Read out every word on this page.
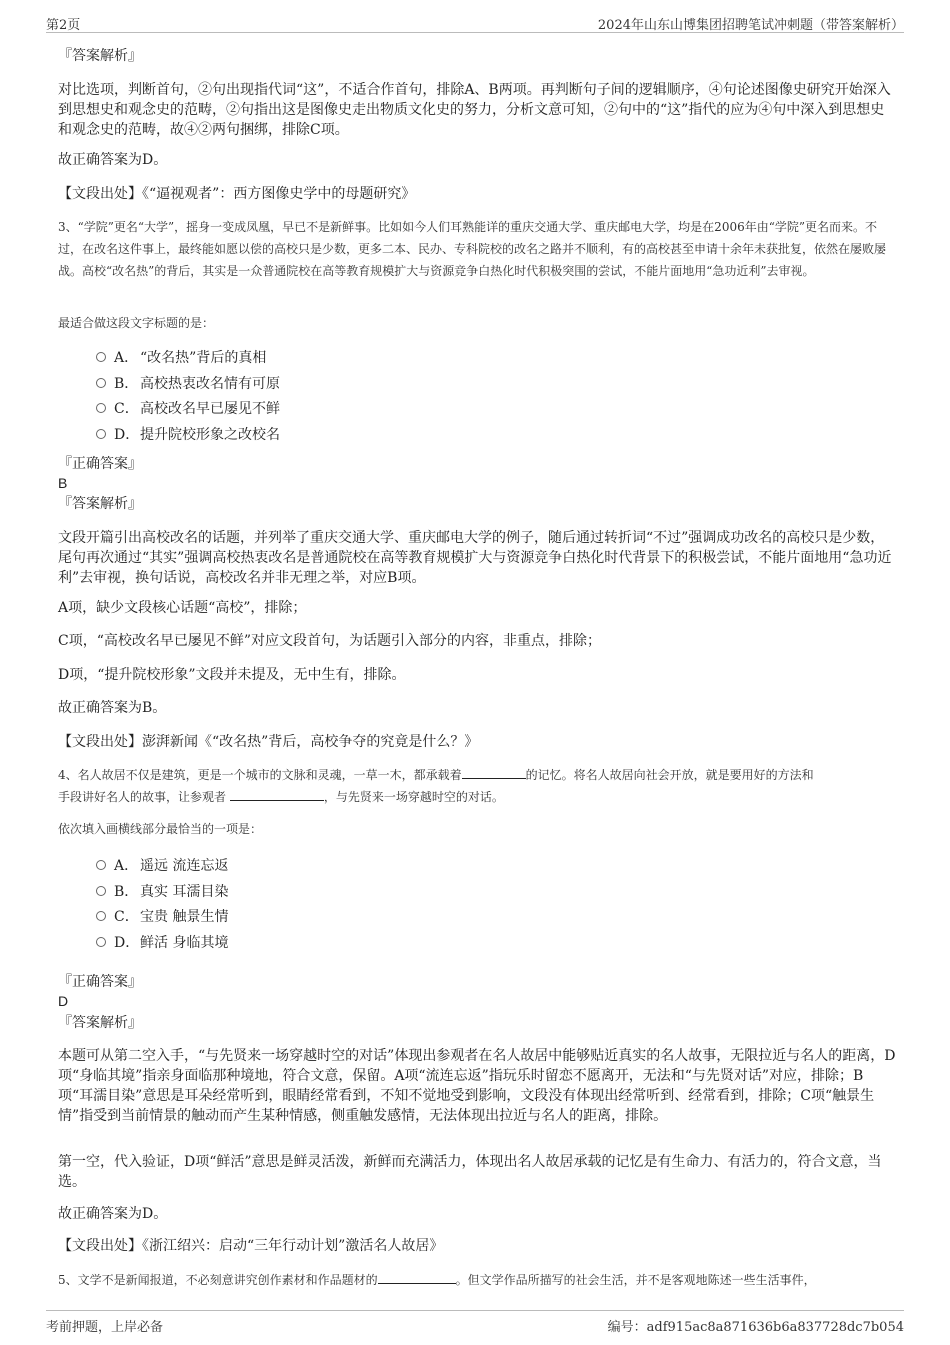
第2页	2024年山东山博集团招聘笔试冲刺题（带答案解析）
『答案解析』
对比选项，判断首句，②句出现指代词“这”，不适合作首句，排除A、B两项。再判断句子间的逻辑顺序，④句论述图像史研究开始深入到思想史和观念史的范畴，②句指出这是图像史走出物质文化史的努力，分析文意可知，②句中的“这”指代的应为④句中深入到思想史和观念史的范畴，故④②两句捆绑，排除C项。
故正确答案为D。
【文段出处】《“逼视观者”：西方图像史学中的母题研究》
3、“学院”更名“大学”，摇身一变成凤凰，早已不是新鲜事。比如如今人们耳熟能详的重庆交通大学、重庆邮电大学，均是在2006年由“学院”更名而来。不过，在改名这件事上，最终能如愿以偿的高校只是少数，更多二本、民办、专科院校的改名之路并不顺利，有的高校甚至申请十余年未获批复，依然在屡败屡战。高校“改名热”的背后，其实是一众普通院校在高等教育规模扩大与资源竞争白热化时代积极突围的尝试，不能片面地用“急功近利”去审视。
最适合做这段文字标题的是：
A． “改名热”背后的真相
B． 高校热衷改名情有可原
C．高校改名早已屡见不鲜
D．提升院校形象之改校名
『正确答案』
B
『答案解析』
文段开篇引出高校改名的话题，并列举了重庆交通大学、重庆邮电大学的例子，随后通过转折词“不过”强调成功改名的高校只是少数，尾句再次通过“其实”强调高校热衷改名是普通院校在高等教育规模扩大与资源竞争白热化时代背景下的积极尝试，不能片面地用“急功近利”去审视，换句话说，高校改名并非无理之举，对应B项。
A项，缺少文段核心话题“高校”，排除；
C项，“高校改名早已屡见不鲜”对应文段首句，为话题引入部分的内容，非重点，排除；
D项，“提升院校形象”文段并未提及，无中生有，排除。
故正确答案为B。
【文段出处】澎湃新闻《“改名热”背后，高校争夺的究竟是什么？》
4、名人故居不仅是建筑，更是一个城市的文脉和灵魂，一草一木，都承载着	的记忆。将名人故居向社会开放，就是要用好的方法和
手段讲好名人的故事，让参观者	，与先贤来一场穿越时空的对话。
依次填入画横线部分最恰当的一项是：
A． 遥远 流连忘返
B． 真实 耳濡目染
C．宝贵 触景生情
D．鲜活 身临其境
『正确答案』
D
『答案解析』
本题可从第二空入手，“与先贤来一场穿越时空的对话”体现出参观者在名人故居中能够贴近真实的名人故事，无限拉近与名人的距离，D项“身临其境”指亲身面临那种境地，符合文意，保留。A项“流连忘返”指玩乐时留恋不愿离开，无法和“与先贤对话”对应，排除；B项“耳濡目染”意思是耳朵经常听到，眼睛经常看到，不知不觉地受到影响，文段没有体现出经常听到、经常看到，排除；C项“触景生情”指受到当前情景的触动而产生某种情感，侧重触发感情，无法体现出拉近与名人的距离，排除。
第一空，代入验证，D项“鲜活”意思是鲜灵活泼，新鲜而充满活力，体现出名人故居承载的记忆是有生命力、有活力的，符合文意，当选。
故正确答案为D。
【文段出处】《浙江绍兴：启动“三年行动计划”激活名人故居》
5、文学不是新闻报道，不必刻意讲究创作素材和作品题材的	。但文学作品所描写的社会生活，并不是客观地陈述一些生活事件，
考前押题，上岸必备	编号：adf915ac8a871636b6a837728dc7b054
